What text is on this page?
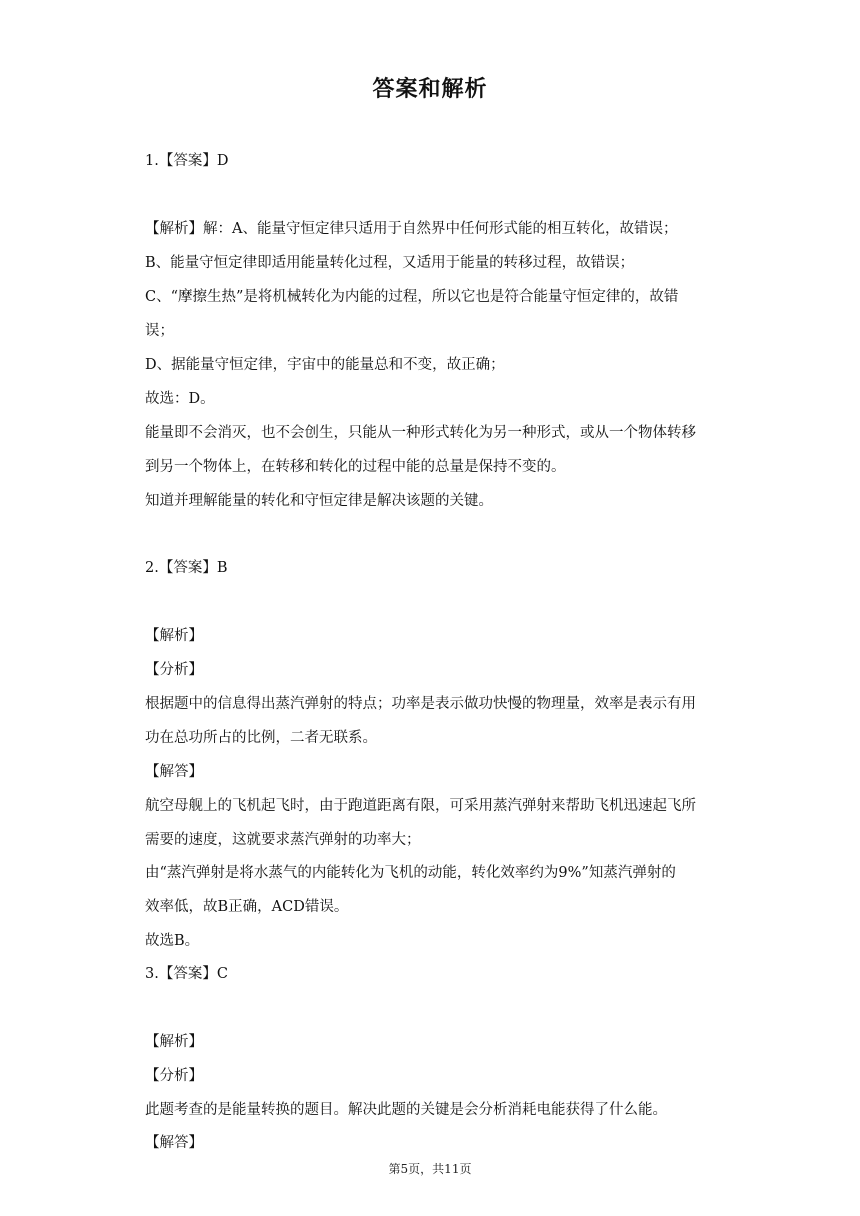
答案和解析
1.【答案】D
【解析】解：A、能量守恒定律只适用于自然界中任何形式能的相互转化，故错误；
B、能量守恒定律即适用能量转化过程，又适用于能量的转移过程，故错误；
C、“摩擦生热”是将机械转化为内能的过程，所以它也是符合能量守恒定律的，故错
误；
D、据能量守恒定律，宇宙中的能量总和不变，故正确；
故选：D。
能量即不会消灭，也不会创生，只能从一种形式转化为另一种形式，或从一个物体转移
到另一个物体上，在转移和转化的过程中能的总量是保持不变的。
知道并理解能量的转化和守恒定律是解决该题的关键。
2.【答案】B
【解析】
【分析】
根据题中的信息得出蒸汽弹射的特点；功率是表示做功快慢的物理量，效率是表示有用
功在总功所占的比例，二者无联系。
【解答】
航空母舰上的飞机起飞时，由于跑道距离有限，可采用蒸汽弹射来帮助飞机迅速起飞所
需要的速度，这就要求蒸汽弹射的功率大；
由“蒸汽弹射是将水蒸气的内能转化为飞机的动能，转化效率约为9%”知蒸汽弹射的
效率低，故B正确，ACD错误。
故选B。
3.【答案】C
【解析】
【分析】
此题考查的是能量转换的题目。解决此题的关键是会分析消耗电能获得了什么能。
【解答】
第5页，共11页
